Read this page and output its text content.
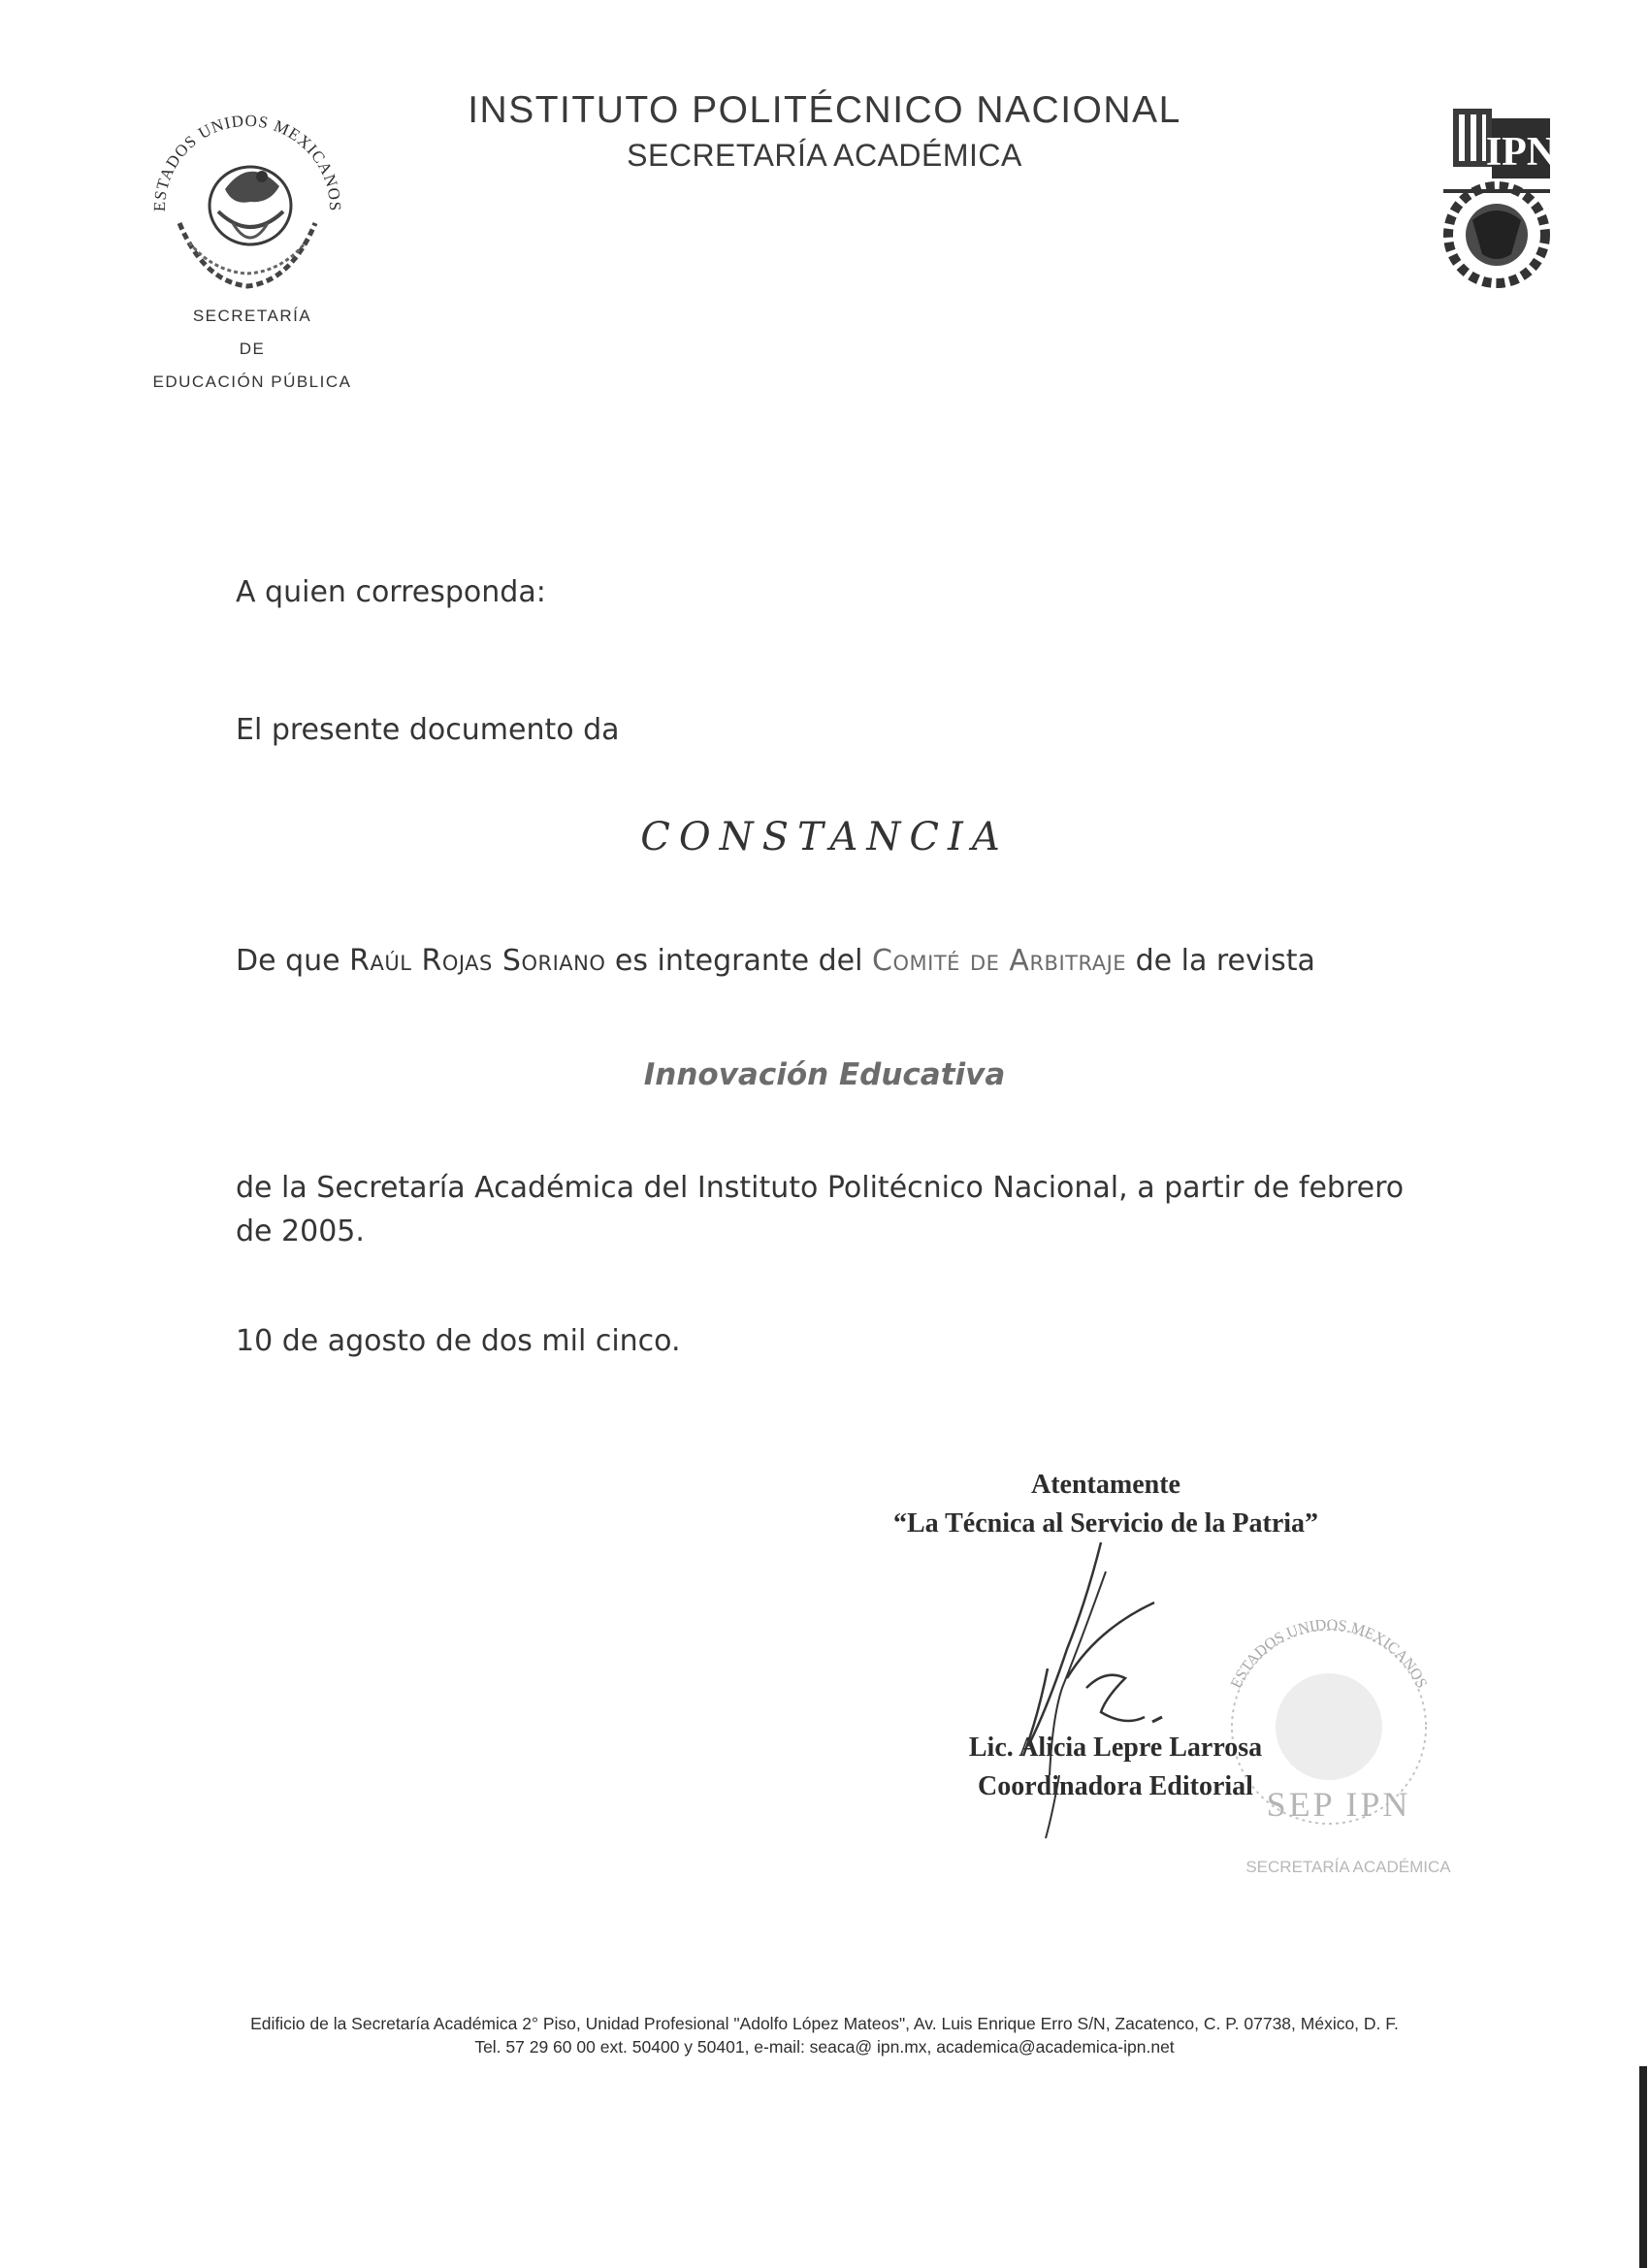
ESTADOS UNIDOS MEXICANOS
SECRETARÍA
DE
EDUCACIÓN PÚBLICA
INSTITUTO POLITÉCNICO NACIONAL
SECRETARÍA ACADÉMICA	IPN
A quien corresponda:
El presente documento da
CONSTANCIA
De que Raúl Rojas Soriano es integrante del Comité de Arbitraje de la revista
Innovación Educativa
de la Secretaría Académica del Instituto Politécnico Nacional, a partir de febrero de 2005.
10 de agosto de dos mil cinco.
Atentamente
“La Técnica al Servicio de la Patria”
ESTADOS UNIDOS MEXICANOS
SEP IPN
SECRETARÍA ACADÉMICA
Lic. Alicia Lepre Larrosa
Coordinadora Editorial
Edificio de la Secretaría Académica 2° Piso, Unidad Profesional "Adolfo López Mateos", Av. Luis Enrique Erro S/N, Zacatenco, C. P. 07738, México, D. F.
Tel. 57 29 60 00 ext. 50400 y 50401, e-mail: seaca@ ipn.mx, academica@academica-ipn.net
